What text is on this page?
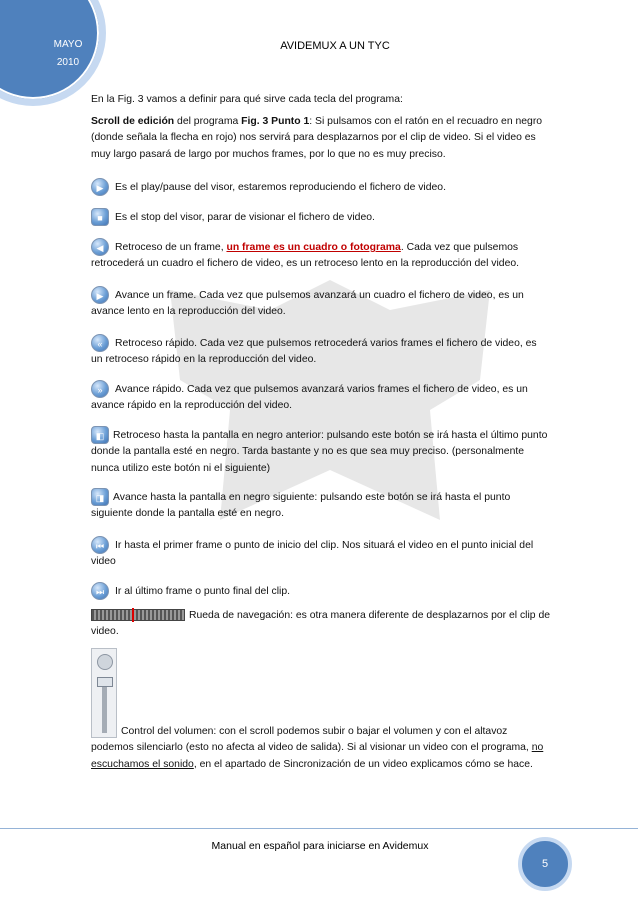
MAYO
2010
AVIDEMUX A UN TYC

En la Fig. 3 vamos a definir para qué sirve cada tecla del programa:

Scroll de edición del programa Fig. 3 Punto 1: Si pulsamos con el ratón en el recuadro en negro (donde señala la flecha en rojo) nos servirá para desplazarnos por el clip de video. Si el video es muy largo pasará de largo por muchos frames, por lo que no es muy preciso.

▶ Es el play/pause del visor, estaremos reproduciendo el fichero de video.

■ Es el stop del visor, parar de visionar el fichero de video.

◀ Retroceso de un frame, un frame es un cuadro o fotograma. Cada vez que pulsemos retrocederá un cuadro el fichero de video, es un retroceso lento en la reproducción del video.

▶ Avance un frame. Cada vez que pulsemos avanzará un cuadro el fichero de video, es un avance lento en la reproducción del video.

« Retroceso rápido. Cada vez que pulsemos retrocederá varios frames el fichero de video, es un retroceso rápido en la reproducción del video.

» Avance rápido. Cada vez que pulsemos avanzará varios frames el fichero de video, es un avance rápido en la reproducción del video.

◧ Retroceso hasta la pantalla en negro anterior: pulsando este botón se irá hasta el último punto donde la pantalla esté en negro. Tarda bastante y no es que sea muy preciso. (personalmente nunca utilizo este botón ni el siguiente)

◨ Avance hasta la pantalla en negro siguiente: pulsando este botón se irá hasta el punto siguiente donde la pantalla esté en negro.

⏮ Ir hasta el primer frame o punto de inicio del clip. Nos situará el video en el punto inicial del video

⏭ Ir al último frame o punto final del clip.

Rueda de navegación: es otra manera diferente de desplazarnos por el clip de video.

Control del volumen: con el scroll podemos subir o bajar el volumen y con el altavoz podemos silenciarlo (esto no afecta al video de salida). Si al visionar un video con el programa, no escuchamos el sonido, en el apartado de Sincronización de un video explicamos cómo se hace.

Manual en español para iniciarse en Avidemux
5
